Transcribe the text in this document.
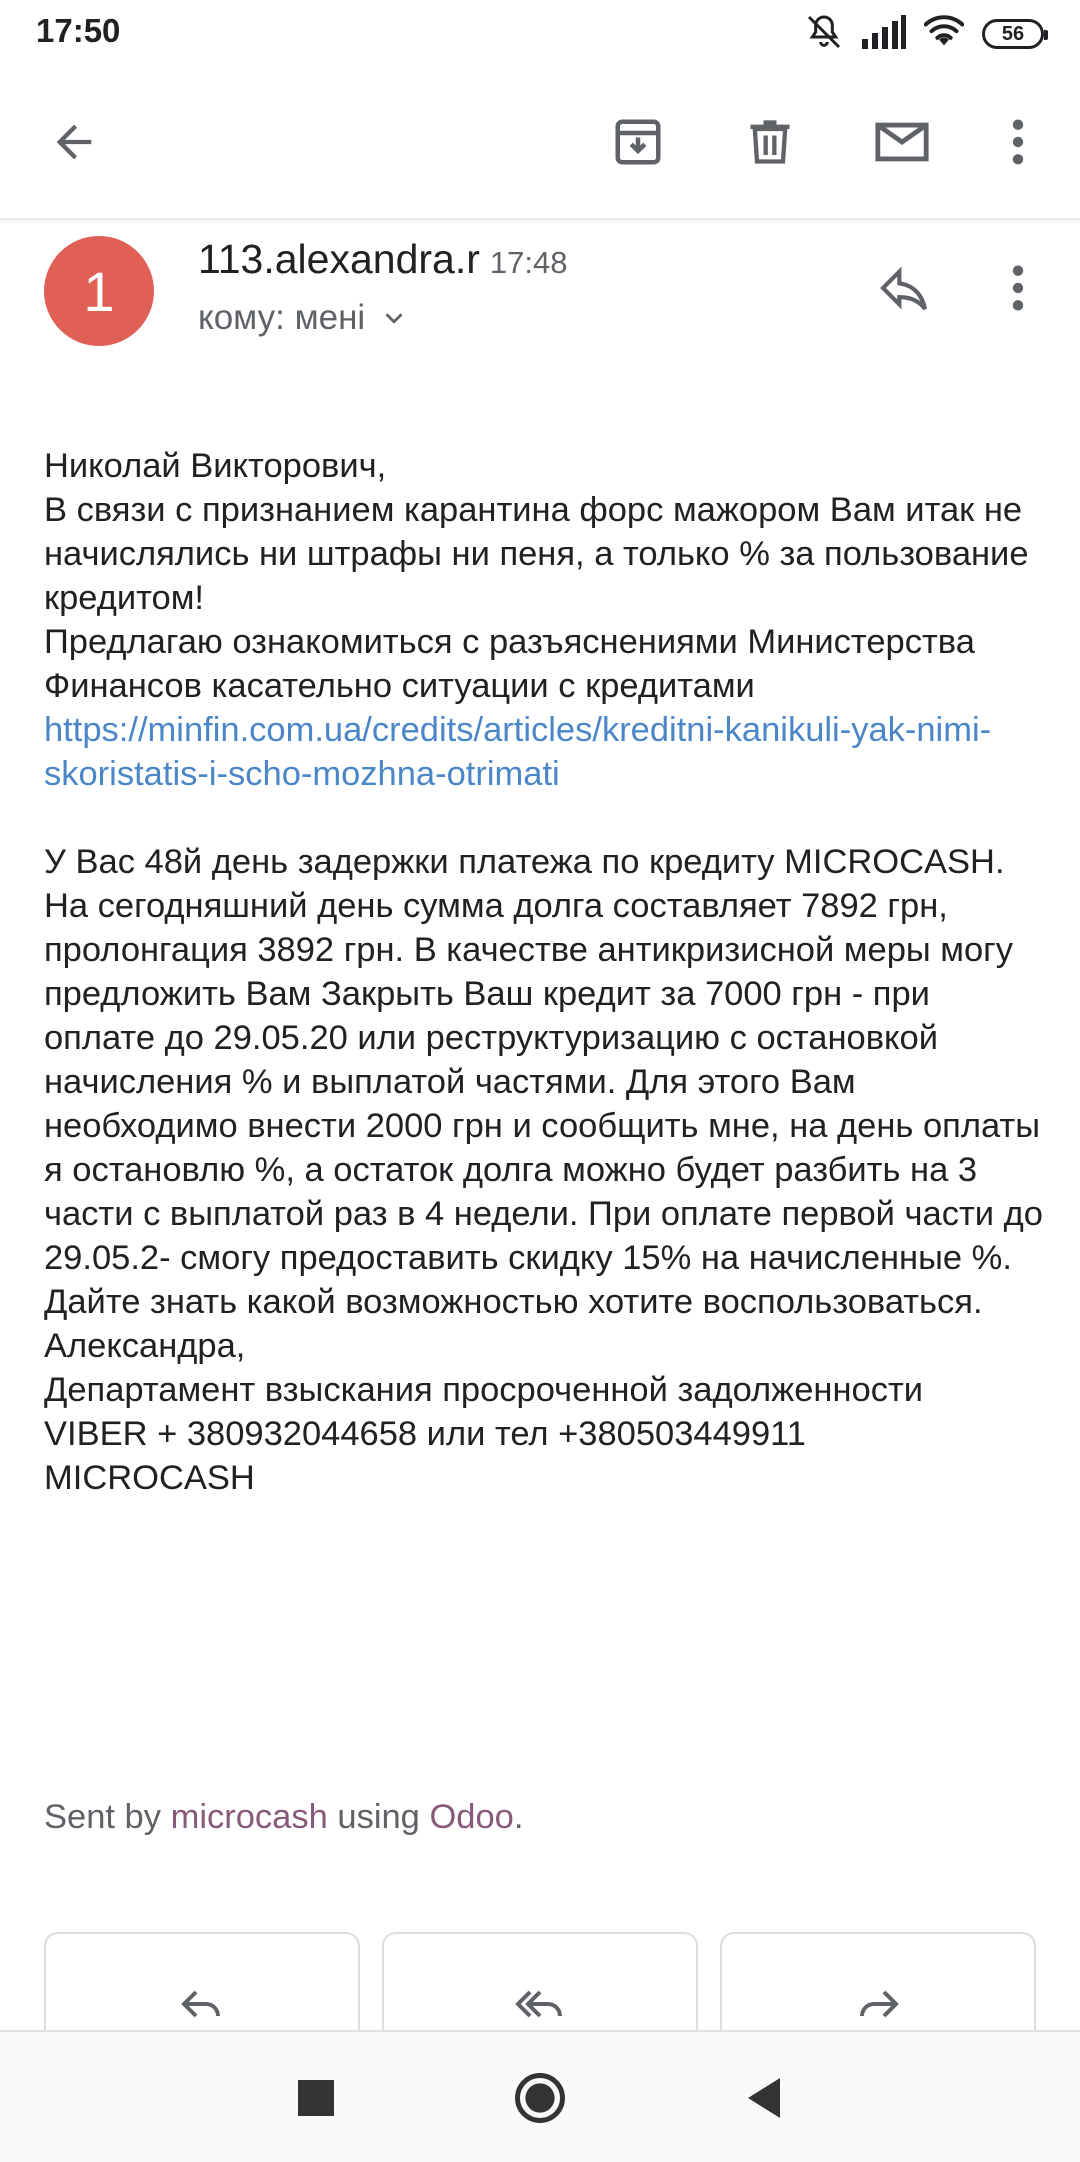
17:50	56
1
113.alexandra.r 17:48
кому: мені

Николай Викторович,

В связи с признанием карантина форс мажором Вам итак не начислялись ни штрафы ни пеня, а только % за пользование кредитом!

Предлагаю ознакомиться с разъяснениями Министерства Финансов касательно ситуации с кредитами https://minfin.com.ua/credits/articles/kreditni-kanikuli-yak-nimi-skoristatis-i-scho-mozhna-otrimati

У Вас 48й день задержки платежа по кредиту MICROCASH. На сегодняшний день сумма долга составляет 7892 грн, пролонгация 3892 грн. В качестве антикризисной меры могу предложить Вам Закрыть Ваш кредит за 7000 грн - при оплате до 29.05.20 или реструктуризацию с остановкой начисления % и выплатой частями. Для этого Вам необходимо внести 2000 грн и сообщить мне, на день оплаты я остановлю %, а остаток долга можно будет разбить на 3 части с выплатой раз в 4 недели. При оплате первой части до 29.05.2- смогу предоставить скидку 15% на начисленные %. Дайте знать какой возможностью хотите воспользоваться.

Александра,

Департамент взыскания просроченной задолженности

VIBER + 380932044658 или тел +380503449911

MICROCASH

Sent by microcash using Odoo.
